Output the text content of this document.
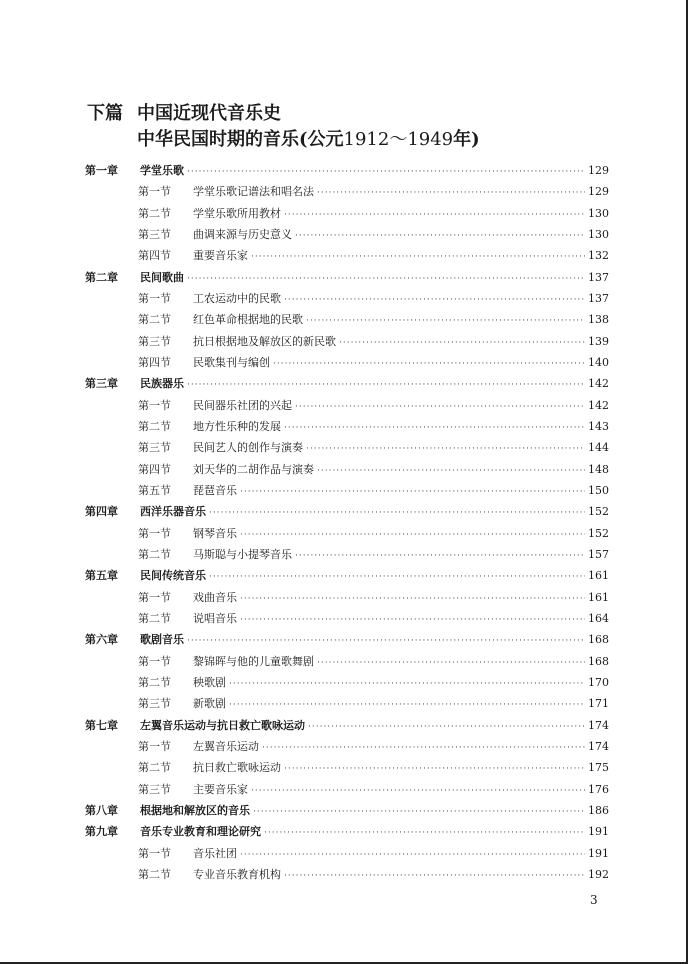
下篇 中国近现代音乐史
中华民国时期的音乐(公元1912～1949年)
第一章 学堂乐歌 ·····	129
第一节 学堂乐歌记谱法和唱名法 ·····	129
第二节 学堂乐歌所用教材 ·····	130
第三节 曲调来源与历史意义 ·····	130
第四节 重要音乐家 ·····	132
第二章 民间歌曲 ·····	137
第一节 工农运动中的民歌 ·····	137
第二节 红色革命根据地的民歌 ·····	138
第三节 抗日根据地及解放区的新民歌 ·····	139
第四节 民歌集刊与编创 ·····	140
第三章 民族器乐 ·····	142
第一节 民间器乐社团的兴起 ·····	142
第二节 地方性乐种的发展 ·····	143
第三节 民间艺人的创作与演奏 ·····	144
第四节 刘天华的二胡作品与演奏 ·····	148
第五节 琵琶音乐 ·····	150
第四章 西洋乐器音乐 ·····	152
第一节 钢琴音乐 ·····	152
第二节 马斯聪与小提琴音乐 ·····	157
第五章 民间传统音乐 ·····	161
第一节 戏曲音乐 ·····	161
第二节 说唱音乐 ·····	164
第六章 歌剧音乐 ·····	168
第一节 黎锦晖与他的儿童歌舞剧 ·····	168
第二节 秧歌剧 ·····	170
第三节 新歌剧 ·····	171
第七章 左翼音乐运动与抗日救亡歌咏运动 ·····	174
第一节 左翼音乐运动 ·····	174
第二节 抗日救亡歌咏运动 ·····	175
第三节 主要音乐家 ·····	176
第八章 根据地和解放区的音乐 ·····	186
第九章 音乐专业教育和理论研究 ·····	191
第一节 音乐社团 ·····	191
第二节 专业音乐教育机构 ·····	192
3
